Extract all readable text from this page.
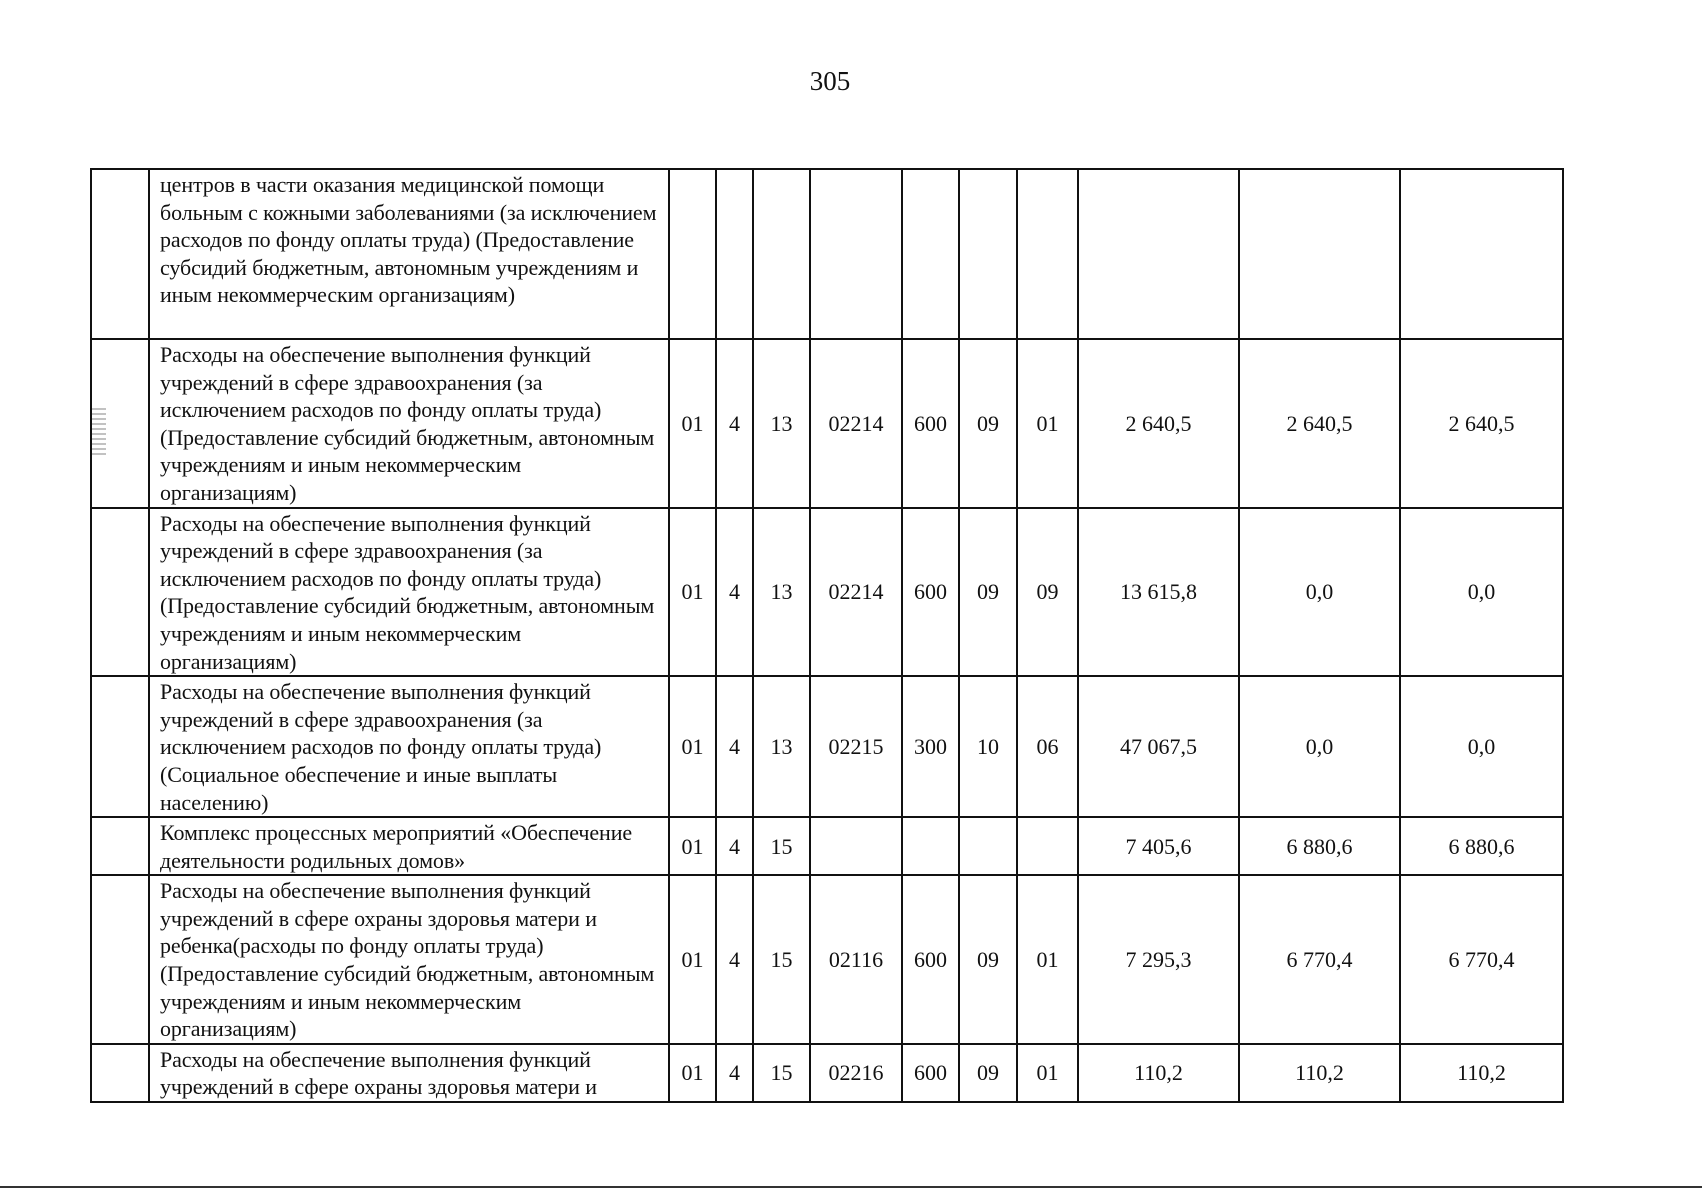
305
	центров в части оказания медицинской помощи больным с кожными заболеваниями (за исключением расходов по фонду оплаты труда) (Предоставление субсидий бюджетным, автономным учреждениям и иным некоммерческим организациям)										
	Расходы на обеспечение выполнения функций учреждений в сфере здравоохранения (за исключением расходов по фонду оплаты труда) (Предоставление субсидий бюджетным, автономным учреждениям и иным некоммерческим организациям)	01	4	13	02214	600	09	01	2 640,5	2 640,5	2 640,5
	Расходы на обеспечение выполнения функций учреждений в сфере здравоохранения (за исключением расходов по фонду оплаты труда) (Предоставление субсидий бюджетным, автономным учреждениям и иным некоммерческим организациям)	01	4	13	02214	600	09	09	13 615,8	0,0	0,0
	Расходы на обеспечение выполнения функций учреждений в сфере здравоохранения (за исключением расходов по фонду оплаты труда) (Социальное обеспечение и иные выплаты населению)	01	4	13	02215	300	10	06	47 067,5	0,0	0,0
	Комплекс процессных мероприятий «Обеспечение деятельности родильных домов»	01	4	15					7 405,6	6 880,6	6 880,6
	Расходы на обеспечение выполнения функций учреждений в сфере охраны здоровья матери и ребенка(расходы по фонду оплаты труда) (Предоставление субсидий бюджетным, автономным учреждениям и иным некоммерческим организациям)	01	4	15	02116	600	09	01	7 295,3	6 770,4	6 770,4
	Расходы на обеспечение выполнения функций учреждений в сфере охраны здоровья матери и	01	4	15	02216	600	09	01	110,2	110,2	110,2
